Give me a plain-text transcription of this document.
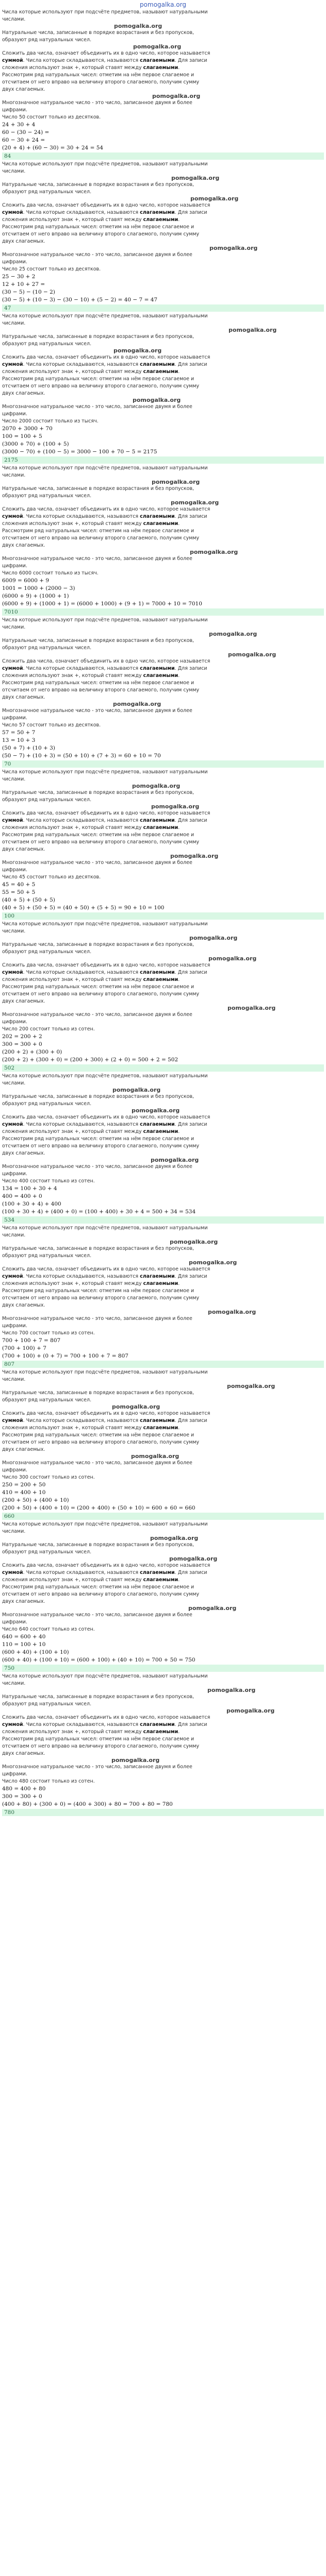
pomogalka.org
Числа которые используют при подсчёте предметов, называют натуральными
числами.
pomogalka.org
Натуральные числа, записанные в порядке возрастания и без пропусков,
образуют ряд натуральных чисел.
pomogalka.org
Сложить два числа, означает объединить их в одно число, которое называется
суммой. Числа которые складываются, называются слагаемыми. Для записи
сложения используют знак +, который ставят между слагаемыми.
Рассмотрим ряд натуральных чисел: отметим на нём первое слагаемое и
отсчитаем от него вправо на величину второго слагаемого, получим сумму
двух слагаемых.
pomogalka.org
Многозначное натуральное число - это число, записанное двумя и более
цифрами.
Число 50 состоит только из десятков.
24 + 30 + 4
60 − (30 − 24) =
60 − 30 + 24 =
(20 + 4) + (60 − 30) = 30 + 24 = 54
84
Числа которые используют при подсчёте предметов, называют натуральными
числами.
pomogalka.org
Натуральные числа, записанные в порядке возрастания и без пропусков,
образуют ряд натуральных чисел.
pomogalka.org
Сложить два числа, означает объединить их в одно число, которое называется
суммой. Числа которые складываются, называются слагаемыми. Для записи
сложения используют знак +, который ставят между слагаемыми.
Рассмотрим ряд натуральных чисел: отметим на нём первое слагаемое и
отсчитаем от него вправо на величину второго слагаемого, получим сумму
двух слагаемых.
pomogalka.org
Многозначное натуральное число - это число, записанное двумя и более
цифрами.
Число 25 состоит только из десятков.
25 − 30 + 2
12 + 10 + 27 =
(30 − 5) − (10 − 2)
(30 − 5) + (10 − 3) − (30 − 10) + (5 − 2) = 40 − 7 = 47
47
Числа которые используют при подсчёте предметов, называют натуральными
числами.
pomogalka.org
Натуральные числа, записанные в порядке возрастания и без пропусков,
образуют ряд натуральных чисел.
pomogalka.org
Сложить два числа, означает объединить их в одно число, которое называется
суммой. Числа которые складываются, называются слагаемыми. Для записи
сложения используют знак +, который ставят между слагаемыми.
Рассмотрим ряд натуральных чисел: отметим на нём первое слагаемое и
отсчитаем от него вправо на величину второго слагаемого, получим сумму
двух слагаемых.
pomogalka.org
Многозначное натуральное число - это число, записанное двумя и более
цифрами.
Число 2000 состоит только из тысяч.
2070 + 3000 + 70
100 = 100 + 5
(3000 + 70) + (100 + 5)
(3000 − 70) + (100 − 5) = 3000 − 100 + 70 − 5 = 2175
2175
Числа которые используют при подсчёте предметов, называют натуральными
числами.
pomogalka.org
Натуральные числа, записанные в порядке возрастания и без пропусков,
образуют ряд натуральных чисел.
pomogalka.org
Сложить два числа, означает объединить их в одно число, которое называется
суммой. Числа которые складываются, называются слагаемыми. Для записи
сложения используют знак +, который ставят между слагаемыми.
Рассмотрим ряд натуральных чисел: отметим на нём первое слагаемое и
отсчитаем от него вправо на величину второго слагаемого, получим сумму
двух слагаемых.
pomogalka.org
Многозначное натуральное число - это число, записанное двумя и более
цифрами.
Число 6000 состоит только из тысяч.
6009 = 6000 + 9
1001 = 1000 + (2000 − 3)
(6000 + 9) + (1000 + 1)
(6000 + 9) + (1000 + 1) = (6000 + 1000) + (9 + 1) = 7000 + 10 = 7010
7010
Числа которые используют при подсчёте предметов, называют натуральными
числами.
pomogalka.org
Натуральные числа, записанные в порядке возрастания и без пропусков,
образуют ряд натуральных чисел.
pomogalka.org
Сложить два числа, означает объединить их в одно число, которое называется
суммой. Числа которые складываются, называются слагаемыми. Для записи
сложения используют знак +, который ставят между слагаемыми.
Рассмотрим ряд натуральных чисел: отметим на нём первое слагаемое и
отсчитаем от него вправо на величину второго слагаемого, получим сумму
двух слагаемых.
pomogalka.org
Многозначное натуральное число - это число, записанное двумя и более
цифрами.
Число 57 состоит только из десятков.
57 = 50 + 7
13 = 10 + 3
(50 + 7) + (10 + 3)
(50 − 7) + (10 + 3) = (50 + 10) + (7 + 3) = 60 + 10 = 70
70
Числа которые используют при подсчёте предметов, называют натуральными
числами.
pomogalka.org
Натуральные числа, записанные в порядке возрастания и без пропусков,
образуют ряд натуральных чисел.
pomogalka.org
Сложить два числа, означает объединить их в одно число, которое называется
суммой. Числа которые складываются, называются слагаемыми. Для записи
сложения используют знак +, который ставят между слагаемыми.
Рассмотрим ряд натуральных чисел: отметим на нём первое слагаемое и
отсчитаем от него вправо на величину второго слагаемого, получим сумму
двух слагаемых.
pomogalka.org
Многозначное натуральное число - это число, записанное двумя и более
цифрами.
Число 45 состоит только из десятков.
45 = 40 + 5
55 = 50 + 5
(40 + 5) + (50 + 5)
(40 + 5) + (50 + 5) = (40 + 50) + (5 + 5) = 90 + 10 = 100
100
Числа которые используют при подсчёте предметов, называют натуральными
числами.
pomogalka.org
Натуральные числа, записанные в порядке возрастания и без пропусков,
образуют ряд натуральных чисел.
pomogalka.org
Сложить два числа, означает объединить их в одно число, которое называется
суммой. Числа которые складываются, называются слагаемыми. Для записи
сложения используют знак +, который ставят между слагаемыми.
Рассмотрим ряд натуральных чисел: отметим на нём первое слагаемое и
отсчитаем от него вправо на величину второго слагаемого, получим сумму
двух слагаемых.
pomogalka.org
Многозначное натуральное число - это число, записанное двумя и более
цифрами.
Число 200 состоит только из сотен.
202 = 200 + 2
300 = 300 + 0
(200 + 2) + (300 + 0)
(200 + 2) + (300 + 0) = (200 + 300) + (2 + 0) = 500 + 2 = 502
502
Числа которые используют при подсчёте предметов, называют натуральными
числами.
pomogalka.org
Натуральные числа, записанные в порядке возрастания и без пропусков,
образуют ряд натуральных чисел.
pomogalka.org
Сложить два числа, означает объединить их в одно число, которое называется
суммой. Числа которые складываются, называются слагаемыми. Для записи
сложения используют знак +, который ставят между слагаемыми.
Рассмотрим ряд натуральных чисел: отметим на нём первое слагаемое и
отсчитаем от него вправо на величину второго слагаемого, получим сумму
двух слагаемых.
pomogalka.org
Многозначное натуральное число - это число, записанное двумя и более
цифрами.
Число 400 состоит только из сотен.
134 = 100 + 30 + 4
400 = 400 + 0
(100 + 30 + 4) + 400
(100 + 30 + 4) + (400 + 0) = (100 + 400) + 30 + 4 = 500 + 34 = 534
534
Числа которые используют при подсчёте предметов, называют натуральными
числами.
pomogalka.org
Натуральные числа, записанные в порядке возрастания и без пропусков,
образуют ряд натуральных чисел.
pomogalka.org
Сложить два числа, означает объединить их в одно число, которое называется
суммой. Числа которые складываются, называются слагаемыми. Для записи
сложения используют знак +, который ставят между слагаемыми.
Рассмотрим ряд натуральных чисел: отметим на нём первое слагаемое и
отсчитаем от него вправо на величину второго слагаемого, получим сумму
двух слагаемых.
pomogalka.org
Многозначное натуральное число - это число, записанное двумя и более
цифрами.
Число 700 состоит только из сотен.
700 + 100 + 7 = 807
(700 + 100) + 7
(700 + 100) + (0 + 7) = 700 + 100 + 7 = 807
807
Числа которые используют при подсчёте предметов, называют натуральными
числами.
pomogalka.org
Натуральные числа, записанные в порядке возрастания и без пропусков,
образуют ряд натуральных чисел.
pomogalka.org
Сложить два числа, означает объединить их в одно число, которое называется
суммой. Числа которые складываются, называются слагаемыми. Для записи
сложения используют знак +, который ставят между слагаемыми.
Рассмотрим ряд натуральных чисел: отметим на нём первое слагаемое и
отсчитаем от него вправо на величину второго слагаемого, получим сумму
двух слагаемых.
pomogalka.org
Многозначное натуральное число - это число, записанное двумя и более
цифрами.
Число 300 состоит только из сотен.
250 = 200 + 50
410 = 400 + 10
(200 + 50) + (400 + 10)
(200 + 50) + (400 + 10) = (200 + 400) + (50 + 10) = 600 + 60 = 660
660
Числа которые используют при подсчёте предметов, называют натуральными
числами.
pomogalka.org
Натуральные числа, записанные в порядке возрастания и без пропусков,
образуют ряд натуральных чисел.
pomogalka.org
Сложить два числа, означает объединить их в одно число, которое называется
суммой. Числа которые складываются, называются слагаемыми. Для записи
сложения используют знак +, который ставят между слагаемыми.
Рассмотрим ряд натуральных чисел: отметим на нём первое слагаемое и
отсчитаем от него вправо на величину второго слагаемого, получим сумму
двух слагаемых.
pomogalka.org
Многозначное натуральное число - это число, записанное двумя и более
цифрами.
Число 640 состоит только из сотен.
640 = 600 + 40
110 = 100 + 10
(600 + 40) + (100 + 10)
(600 + 40) + (100 + 10) = (600 + 100) + (40 + 10) = 700 + 50 = 750
750
Числа которые используют при подсчёте предметов, называют натуральными
числами.
pomogalka.org
Натуральные числа, записанные в порядке возрастания и без пропусков,
образуют ряд натуральных чисел.
pomogalka.org
Сложить два числа, означает объединить их в одно число, которое называется
суммой. Числа которые складываются, называются слагаемыми. Для записи
сложения используют знак +, который ставят между слагаемыми.
Рассмотрим ряд натуральных чисел: отметим на нём первое слагаемое и
отсчитаем от него вправо на величину второго слагаемого, получим сумму
двух слагаемых.
pomogalka.org
Многозначное натуральное число - это число, записанное двумя и более
цифрами.
Число 480 состоит только из сотен.
480 = 400 + 80
300 = 300 + 0
(400 + 80) + (300 + 0) = (400 + 300) + 80 = 700 + 80 = 780
780
